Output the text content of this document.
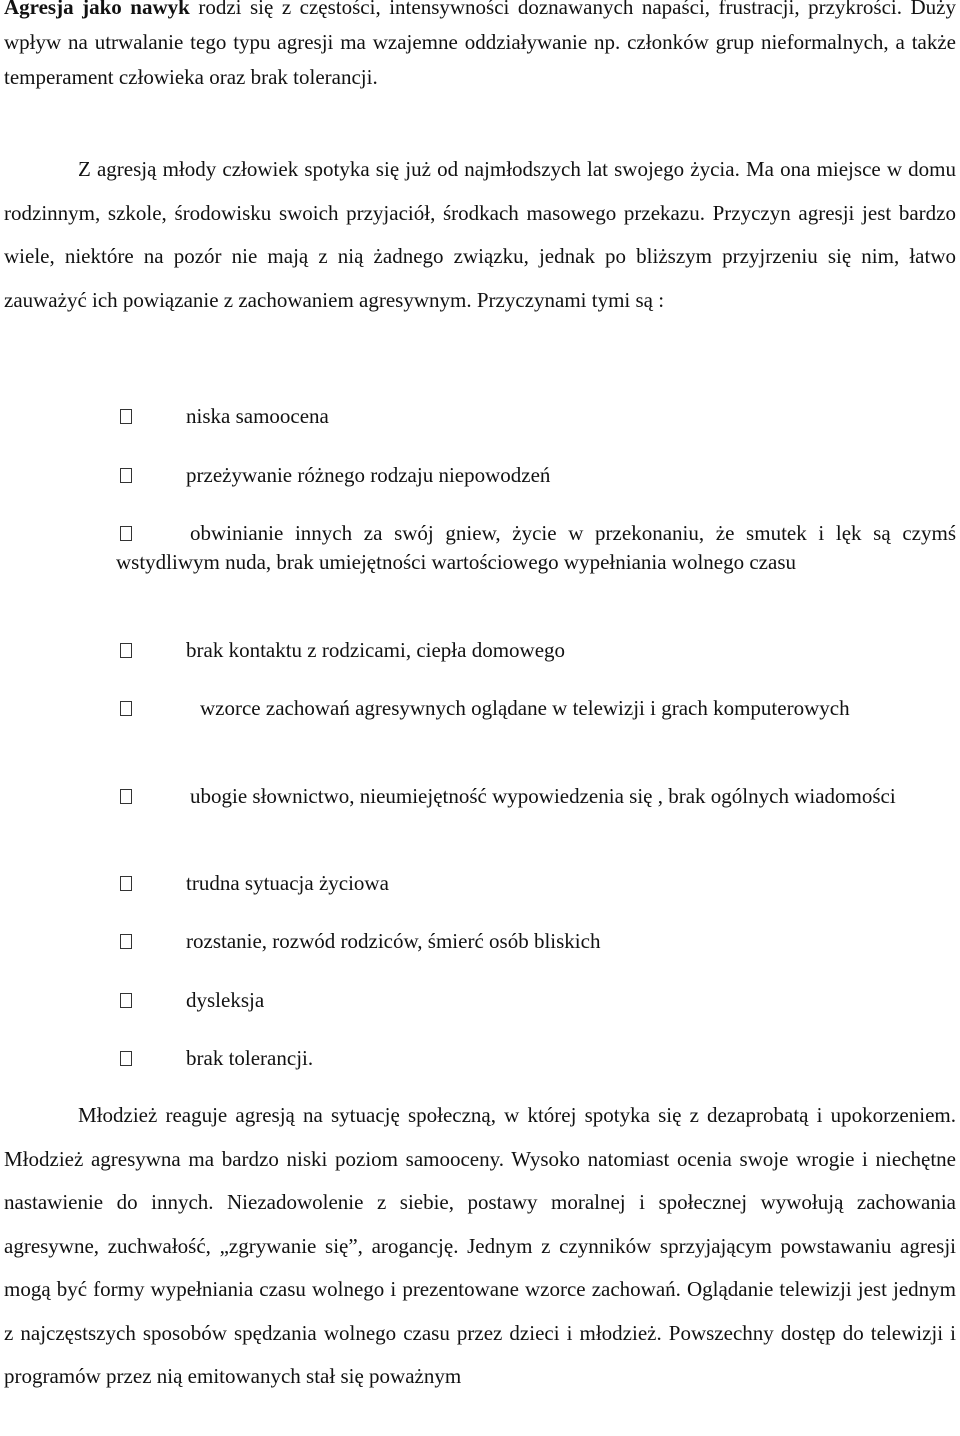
Agresja jako nawyk rodzi się z częstości, intensywności doznawanych napaści, frustracji, przykrości. Duży wpływ na utrwalanie tego typu agresji ma wzajemne oddziaływanie np. członków grup nieformalnych, a także temperament człowieka oraz brak tolerancji.

Z agresją młody człowiek spotyka się już od najmłodszych lat swojego życia. Ma ona miejsce w domu rodzinnym, szkole, środowisku swoich przyjaciół, środkach masowego przekazu. Przyczyn agresji jest bardzo wiele, niektóre na pozór nie mają z nią żadnego związku, jednak po bliższym przyjrzeniu się nim, łatwo zauważyć ich powiązanie z zachowaniem agresywnym. Przyczynami tymi są :

niska samoocena

przeżywanie różnego rodzaju niepowodzeń

obwinianie innych za swój gniew, życie w przekonaniu, że smutek i lęk są czymś wstydliwym nuda, brak umiejętności wartościowego wypełniania wolnego czasu

brak kontaktu z rodzicami, ciepła domowego

wzorce zachowań agresywnych oglądane w telewizji i grach komputerowych

ubogie słownictwo, nieumiejętność wypowiedzenia się , brak ogólnych wiadomości

trudna sytuacja życiowa

rozstanie, rozwód rodziców, śmierć osób bliskich

dysleksja

brak tolerancji.

Młodzież reaguje agresją na sytuację społeczną, w której spotyka się z dezaprobatą i upokorzeniem. Młodzież agresywna ma bardzo niski poziom samooceny. Wysoko natomiast ocenia swoje wrogie i niechętne nastawienie do innych. Niezadowolenie z siebie, postawy moralnej i społecznej wywołują zachowania agresywne, zuchwałość, „zgrywanie się”, arogancję. Jednym z czynników sprzyjającym powstawaniu agresji mogą być formy wypełniania czasu wolnego i prezentowane wzorce zachowań. Oglądanie telewizji jest jednym z najczęstszych sposobów spędzania wolnego czasu przez dzieci i młodzież. Powszechny dostęp do telewizji i programów przez nią emitowanych stał się poważnym
